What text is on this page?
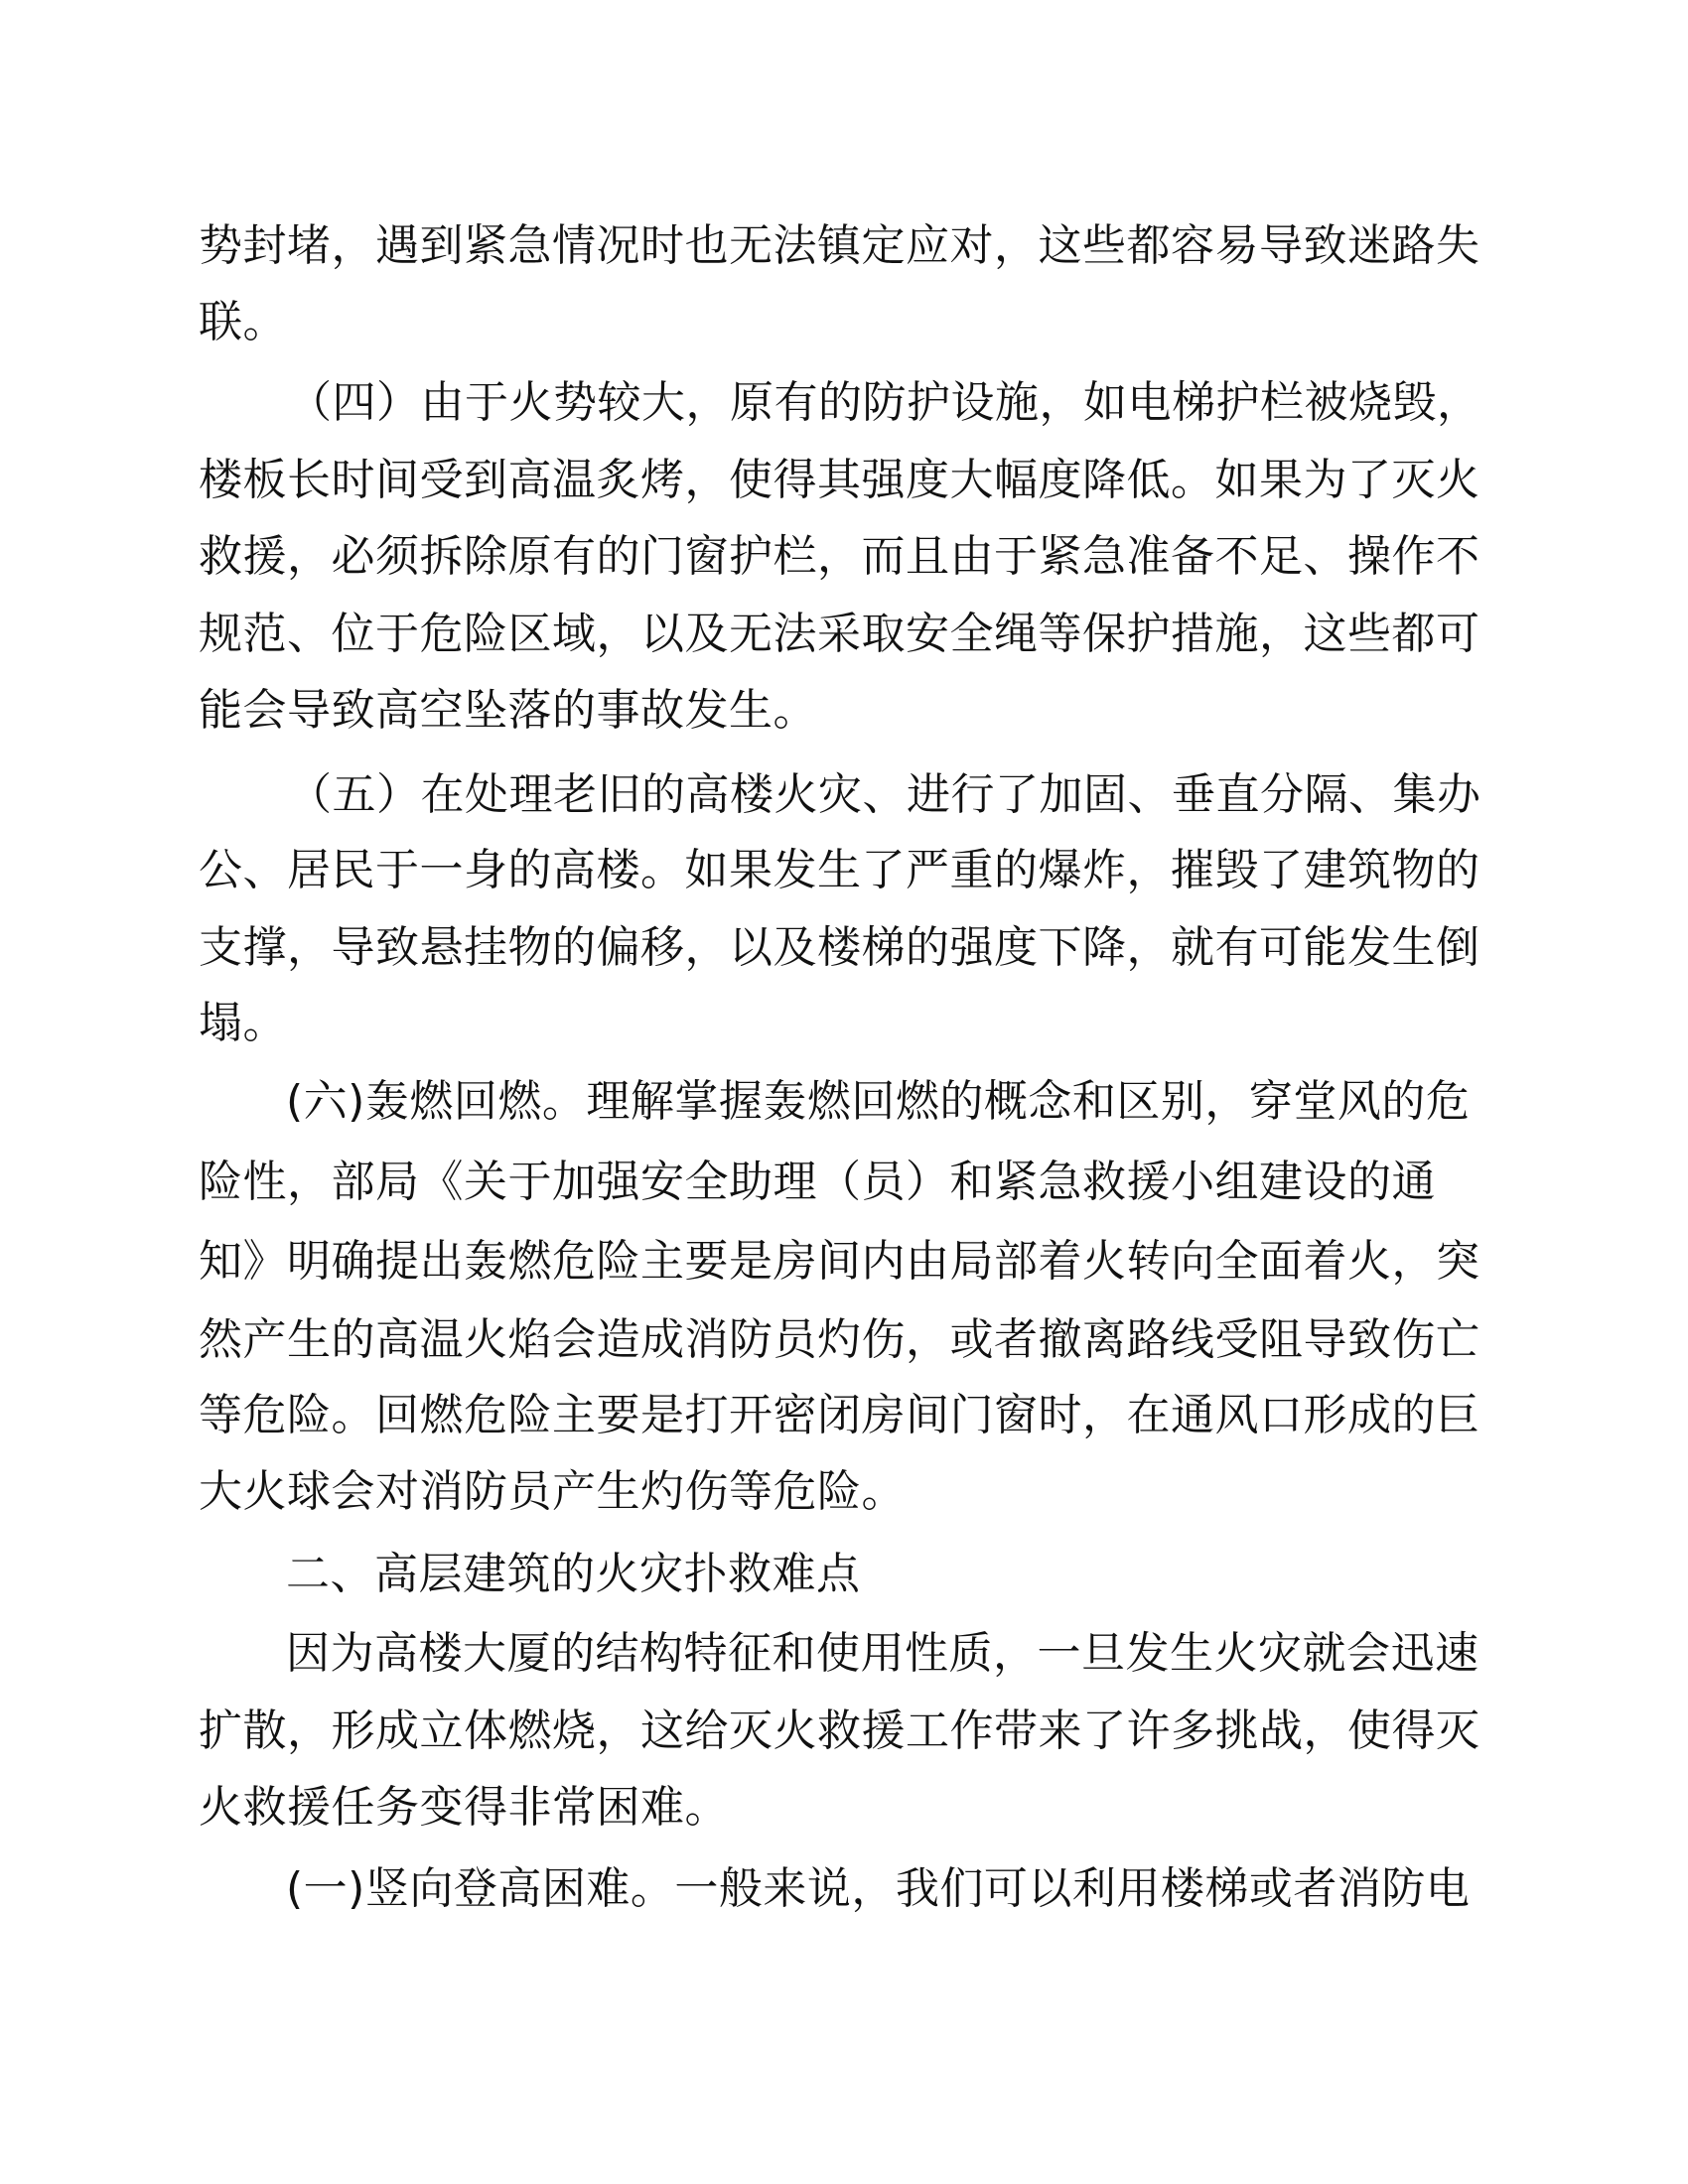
势封堵，遇到紧急情况时也无法镇定应对，这些都容易导致迷路失
联。
（四）由于火势较大，原有的防护设施，如电梯护栏被烧毁，
楼板长时间受到高温炙烤，使得其强度大幅度降低。如果为了灭火
救援，必须拆除原有的门窗护栏，而且由于紧急准备不足、操作不
规范、位于危险区域，以及无法采取安全绳等保护措施，这些都可
能会导致高空坠落的事故发生。
（五）在处理老旧的高楼火灾、进行了加固、垂直分隔、集办
公、居民于一身的高楼。如果发生了严重的爆炸，摧毁了建筑物的
支撑，导致悬挂物的偏移，以及楼梯的强度下降，就有可能发生倒
塌。
(六)轰燃回燃。理解掌握轰燃回燃的概念和区别，穿堂风的危
险性，部局《关于加强安全助理（员）和紧急救援小组建设的通
知》明确提出轰燃危险主要是房间内由局部着火转向全面着火，突
然产生的高温火焰会造成消防员灼伤，或者撤离路线受阻导致伤亡
等危险。回燃危险主要是打开密闭房间门窗时，在通风口形成的巨
大火球会对消防员产生灼伤等危险。
二、高层建筑的火灾扑救难点
因为高楼大厦的结构特征和使用性质，一旦发生火灾就会迅速
扩散，形成立体燃烧，这给灭火救援工作带来了许多挑战，使得灭
火救援任务变得非常困难。
(一)竖向登高困难。一般来说，我们可以利用楼梯或者消防电
